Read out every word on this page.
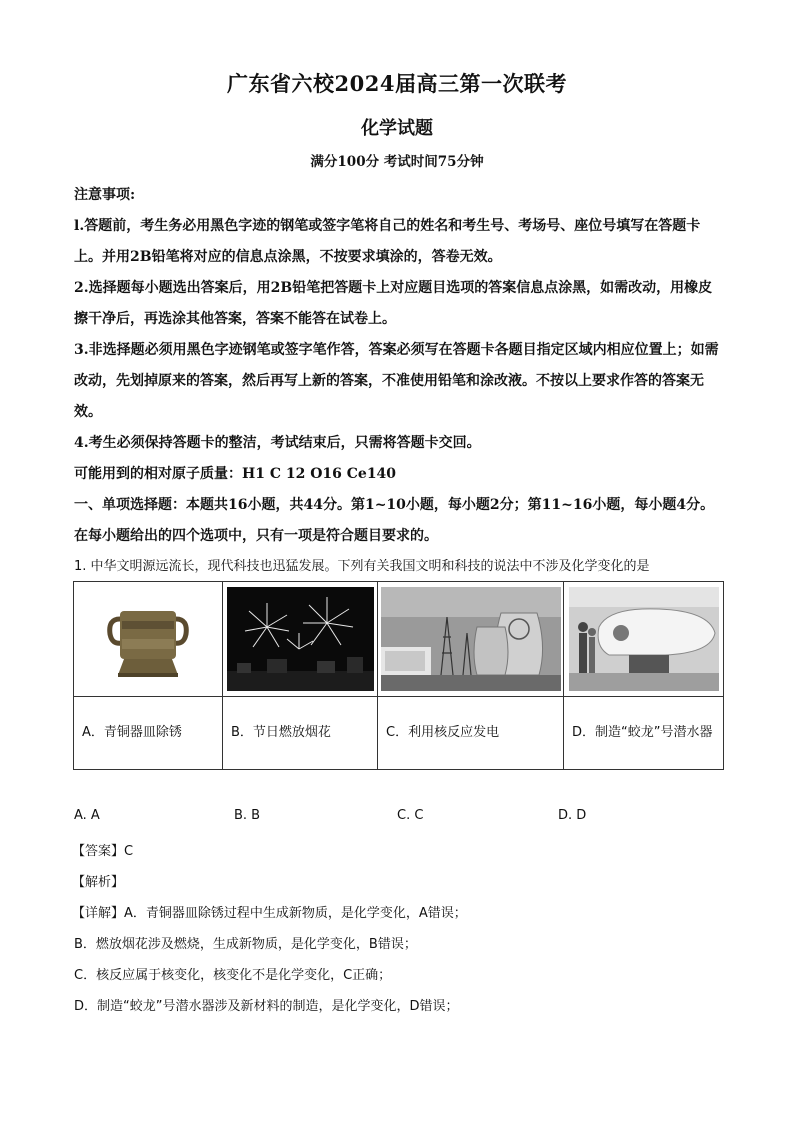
广东省六校2024届高三第一次联考
化学试题
满分100分 考试时间75分钟

注意事项:

l.答题前，考生务必用黑色字迹的钢笔或签字笔将自己的姓名和考生号、考场号、座位号填写在答题卡上。并用2B铅笔将对应的信息点涂黑，不按要求填涂的，答卷无效。

2.选择题每小题选出答案后，用2B铅笔把答题卡上对应题目选项的答案信息点涂黑，如需改动，用橡皮擦干净后，再选涂其他答案，答案不能答在试卷上。

3.非选择题必须用黑色字迹钢笔或签字笔作答，答案必须写在答题卡各题目指定区域内相应位置上；如需改动，先划掉原来的答案，然后再写上新的答案，不准使用铅笔和涂改液。不按以上要求作答的答案无效。

4.考生必须保持答题卡的整洁，考试结束后，只需将答题卡交回。

可能用到的相对原子质量：H1 C 12 O16 Ce140

一、单项选择题：本题共16小题，共44分。第1~10小题，每小题2分；第11~16小题，每小题4分。在每小题给出的四个选项中，只有一项是符合题目要求的。

1. 中华文明源远流长，现代科技也迅猛发展。下列有关我国文明和科技的说法中不涉及化学变化的是

A．青铜器皿除锈	B．节日燃放烟花	C．利用核反应发电	D．制造“蛟龙”号潜水器
A. A	B. B	C. C	D. D
【答案】C
【解析】
【详解】A．青铜器皿除锈过程中生成新物质，是化学变化，A错误；
B．燃放烟花涉及燃烧，生成新物质，是化学变化，B错误；
C．核反应属于核变化，核变化不是化学变化，C正确；
D．制造“蛟龙”号潜水器涉及新材料的制造，是化学变化，D错误；
